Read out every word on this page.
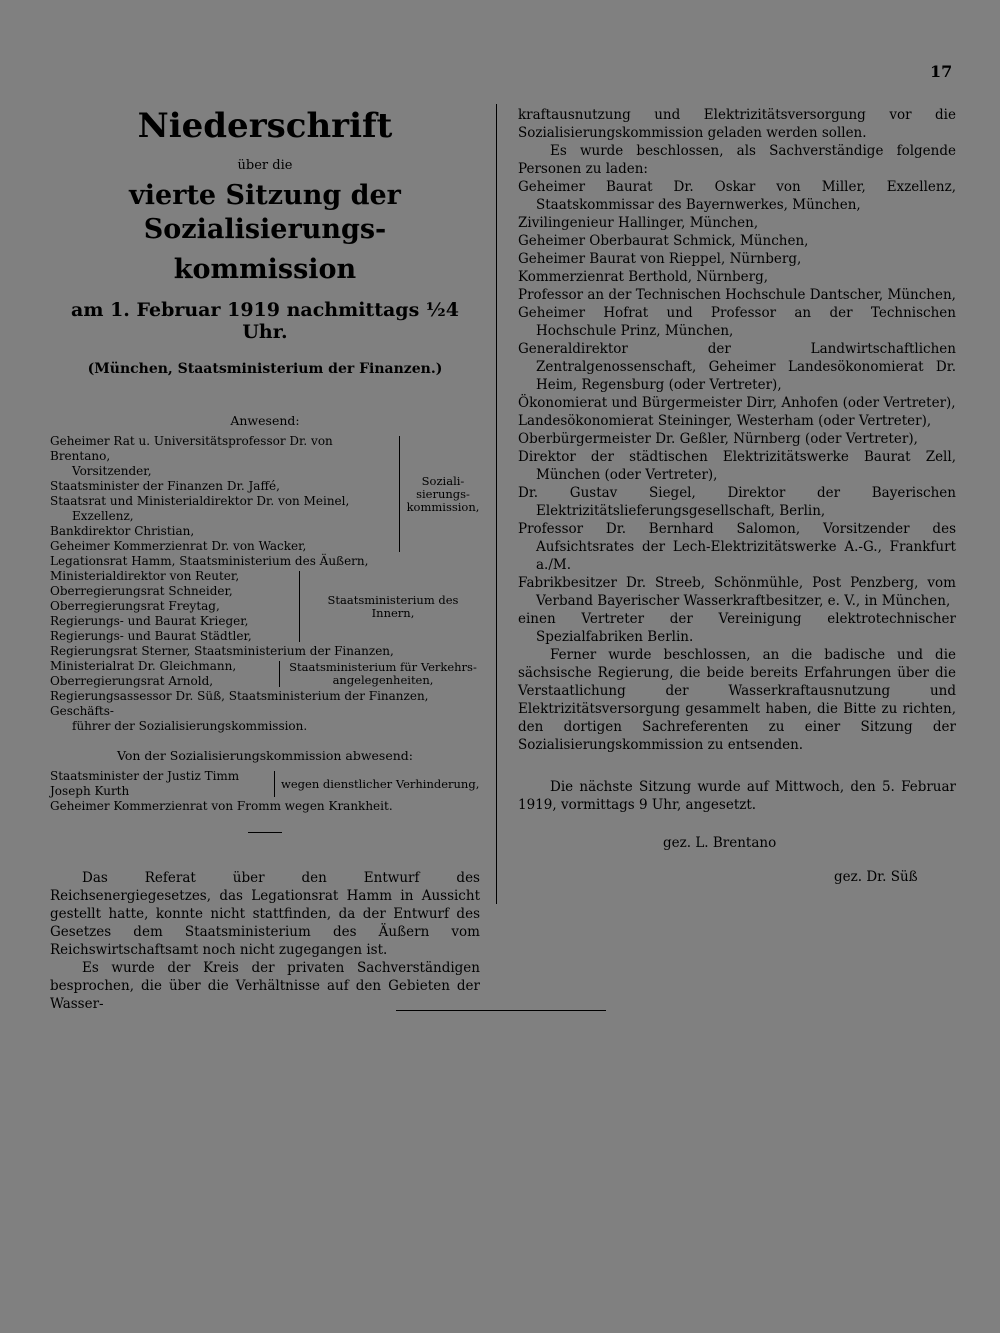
17
Niederschrift
über die
vierte Sitzung der Sozialisierungs-
kommission
am 1. Februar 1919 nachmittags ½4 Uhr.
(München, Staatsministerium der Finanzen.)
Anwesend:
Geheimer Rat u. Universitätsprofessor Dr. von Brentano,
Vorsitzender,
Staatsminister der Finanzen Dr. Jaffé,
Staatsrat und Ministerialdirektor Dr. von Meinel,
Exzellenz,
Bankdirektor Christian,
Geheimer Kommerzienrat Dr. von Wacker,
Soziali-
sierungs-
kommission,
Legationsrat Hamm, Staatsministerium des Äußern,
Ministerialdirektor von Reuter,
Oberregierungsrat Schneider,
Oberregierungsrat Freytag,
Regierungs- und Baurat Krieger,
Regierungs- und Baurat Städtler,
Staatsministerium des
Innern,
Regierungsrat Sterner, Staatsministerium der Finanzen,
Ministerialrat Dr. Gleichmann,
Oberregierungsrat Arnold,
Staatsministerium für Verkehrs-
angelegenheiten,
Regierungsassessor Dr. Süß, Staatsministerium der Finanzen, Geschäfts-
führer der Sozialisierungskommission.
Von der Sozialisierungskommission abwesend:
Staatsminister der Justiz Timm
Joseph Kurth
wegen dienstlicher Verhinderung,
Geheimer Kommerzienrat von Fromm wegen Krankheit.

Das Referat über den Entwurf des Reichsenergiegesetzes, das Legationsrat Hamm in Aussicht gestellt hatte, konnte nicht stattfinden, da der Entwurf des Gesetzes dem Staatsministerium des Äußern vom Reichswirtschaftsamt noch nicht zugegangen ist.

Es wurde der Kreis der privaten Sachverständigen besprochen, die über die Verhältnisse auf den Gebieten der Wasser-

kraftausnutzung und Elektrizitätsversorgung vor die Sozialisierungskommission geladen werden sollen.
Es wurde beschlossen, als Sachverständige folgende Personen zu laden:
Geheimer Baurat Dr. Oskar von Miller, Exzellenz, Staatskommissar des Bayernwerkes, München,
Zivilingenieur Hallinger, München,
Geheimer Oberbaurat Schmick, München,
Geheimer Baurat von Rieppel, Nürnberg,
Kommerzienrat Berthold, Nürnberg,
Professor an der Technischen Hochschule Dantscher, München,
Geheimer Hofrat und Professor an der Technischen Hochschule Prinz, München,
Generaldirektor der Landwirtschaftlichen Zentralgenossenschaft, Geheimer Landesökonomierat Dr. Heim, Regensburg (oder Vertreter),
Ökonomierat und Bürgermeister Dirr, Anhofen (oder Vertreter),
Landesökonomierat Steininger, Westerham (oder Vertreter),
Oberbürgermeister Dr. Geßler, Nürnberg (oder Vertreter),
Direktor der städtischen Elektrizitätswerke Baurat Zell, München (oder Vertreter),
Dr. Gustav Siegel, Direktor der Bayerischen Elektrizitätslieferungsgesellschaft, Berlin,
Professor Dr. Bernhard Salomon, Vorsitzender des Aufsichtsrates der Lech-Elektrizitätswerke A.-G., Frankfurt a./M.
Fabrikbesitzer Dr. Streeb, Schönmühle, Post Penzberg, vom Verband Bayerischer Wasserkraftbesitzer, e. V., in München,
einen Vertreter der Vereinigung elektrotechnischer Spezialfabriken Berlin.
Ferner wurde beschlossen, an die badische und die sächsische Regierung, die beide bereits Erfahrungen über die Verstaatlichung der Wasserkraftausnutzung und Elektrizitätsversorgung gesammelt haben, die Bitte zu richten, den dortigen Sachreferenten zu einer Sitzung der Sozialisierungskommission zu entsenden.
Die nächste Sitzung wurde auf Mittwoch, den 5. Februar 1919, vormittags 9 Uhr, angesetzt.
gez. L. Brentano
gez. Dr. Süß
